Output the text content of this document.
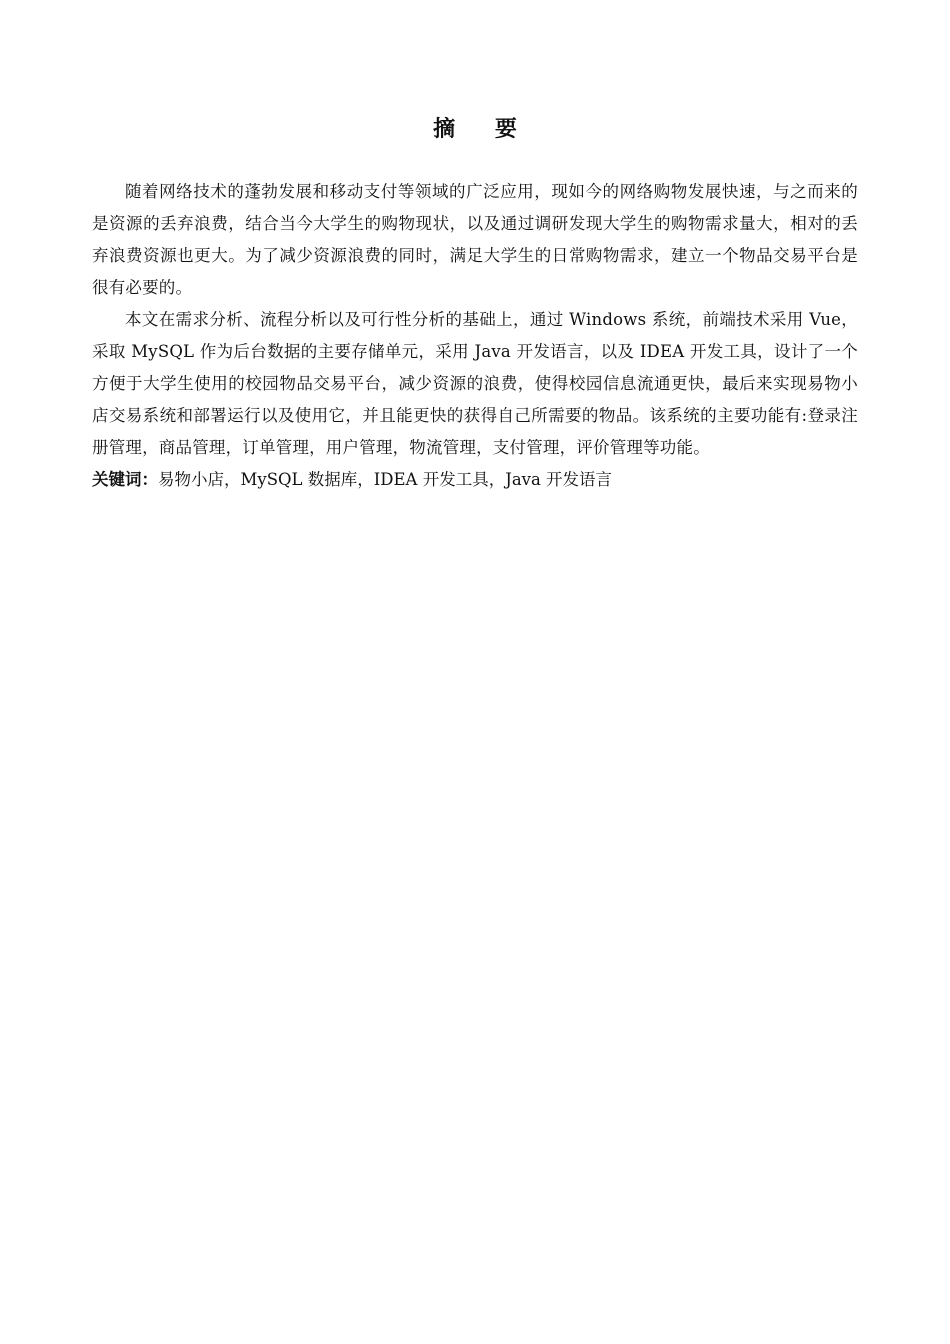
摘 要

随着网络技术的蓬勃发展和移动支付等领域的广泛应用，现如今的网络购物发展快速，与之而来的是资源的丢弃浪费，结合当今大学生的购物现状，以及通过调研发现大学生的购物需求量大，相对的丢弃浪费资源也更大。为了减少资源浪费的同时，满足大学生的日常购物需求，建立一个物品交易平台是很有必要的。

本文在需求分析、流程分析以及可行性分析的基础上，通过 Windows 系统，前端技术采用 Vue，采取 MySQL 作为后台数据的主要存储单元，采用 Java 开发语言，以及 IDEA 开发工具，设计了一个方便于大学生使用的校园物品交易平台，减少资源的浪费，使得校园信息流通更快，最后来实现易物小店交易系统和部署运行以及使用它，并且能更快的获得自己所需要的物品。该系统的主要功能有:登录注册管理，商品管理，订单管理，用户管理，物流管理，支付管理，评价管理等功能。

关键词：易物小店，MySQL 数据库，IDEA 开发工具，Java 开发语言
